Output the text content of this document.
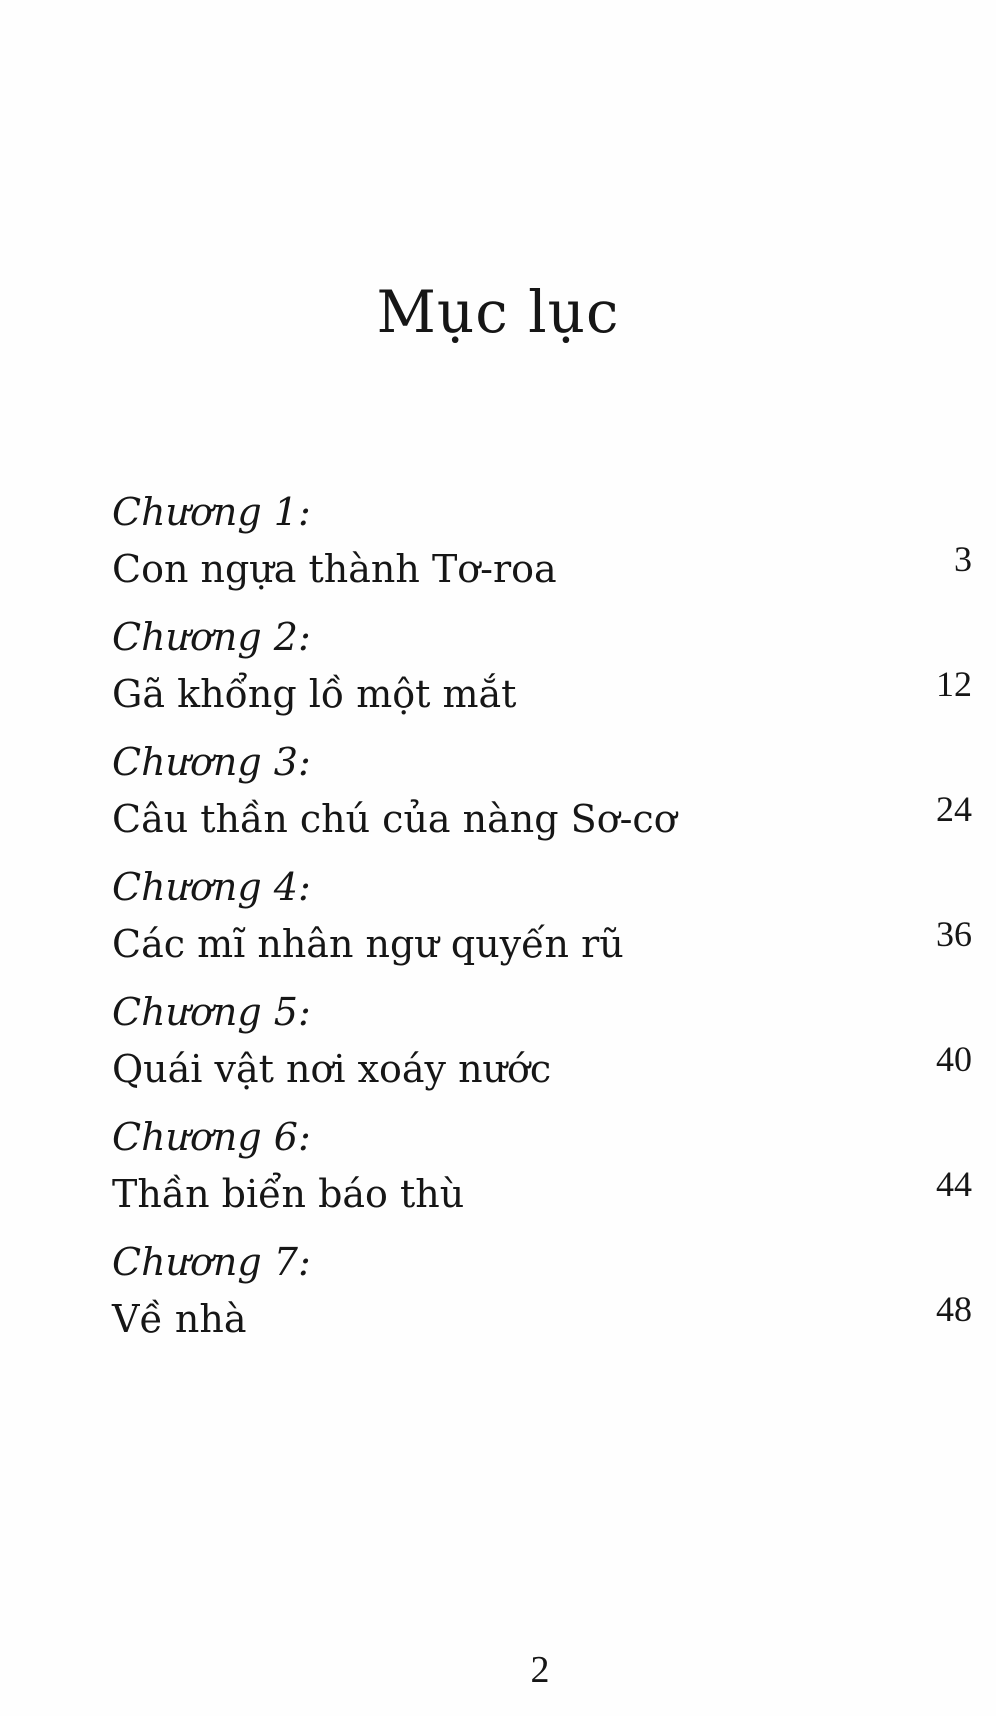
Mục lục
Chương 1:
Con ngựa thành Tơ-roa	3
Chương 2:
Gã khổng lồ một mắt	12
Chương 3:
Câu thần chú của nàng Sơ-cơ	24
Chương 4:
Các mĩ nhân ngư quyến rũ	36
Chương 5:
Quái vật nơi xoáy nước	40
Chương 6:
Thần biển báo thù	44
Chương 7:
Về nhà	48
2
